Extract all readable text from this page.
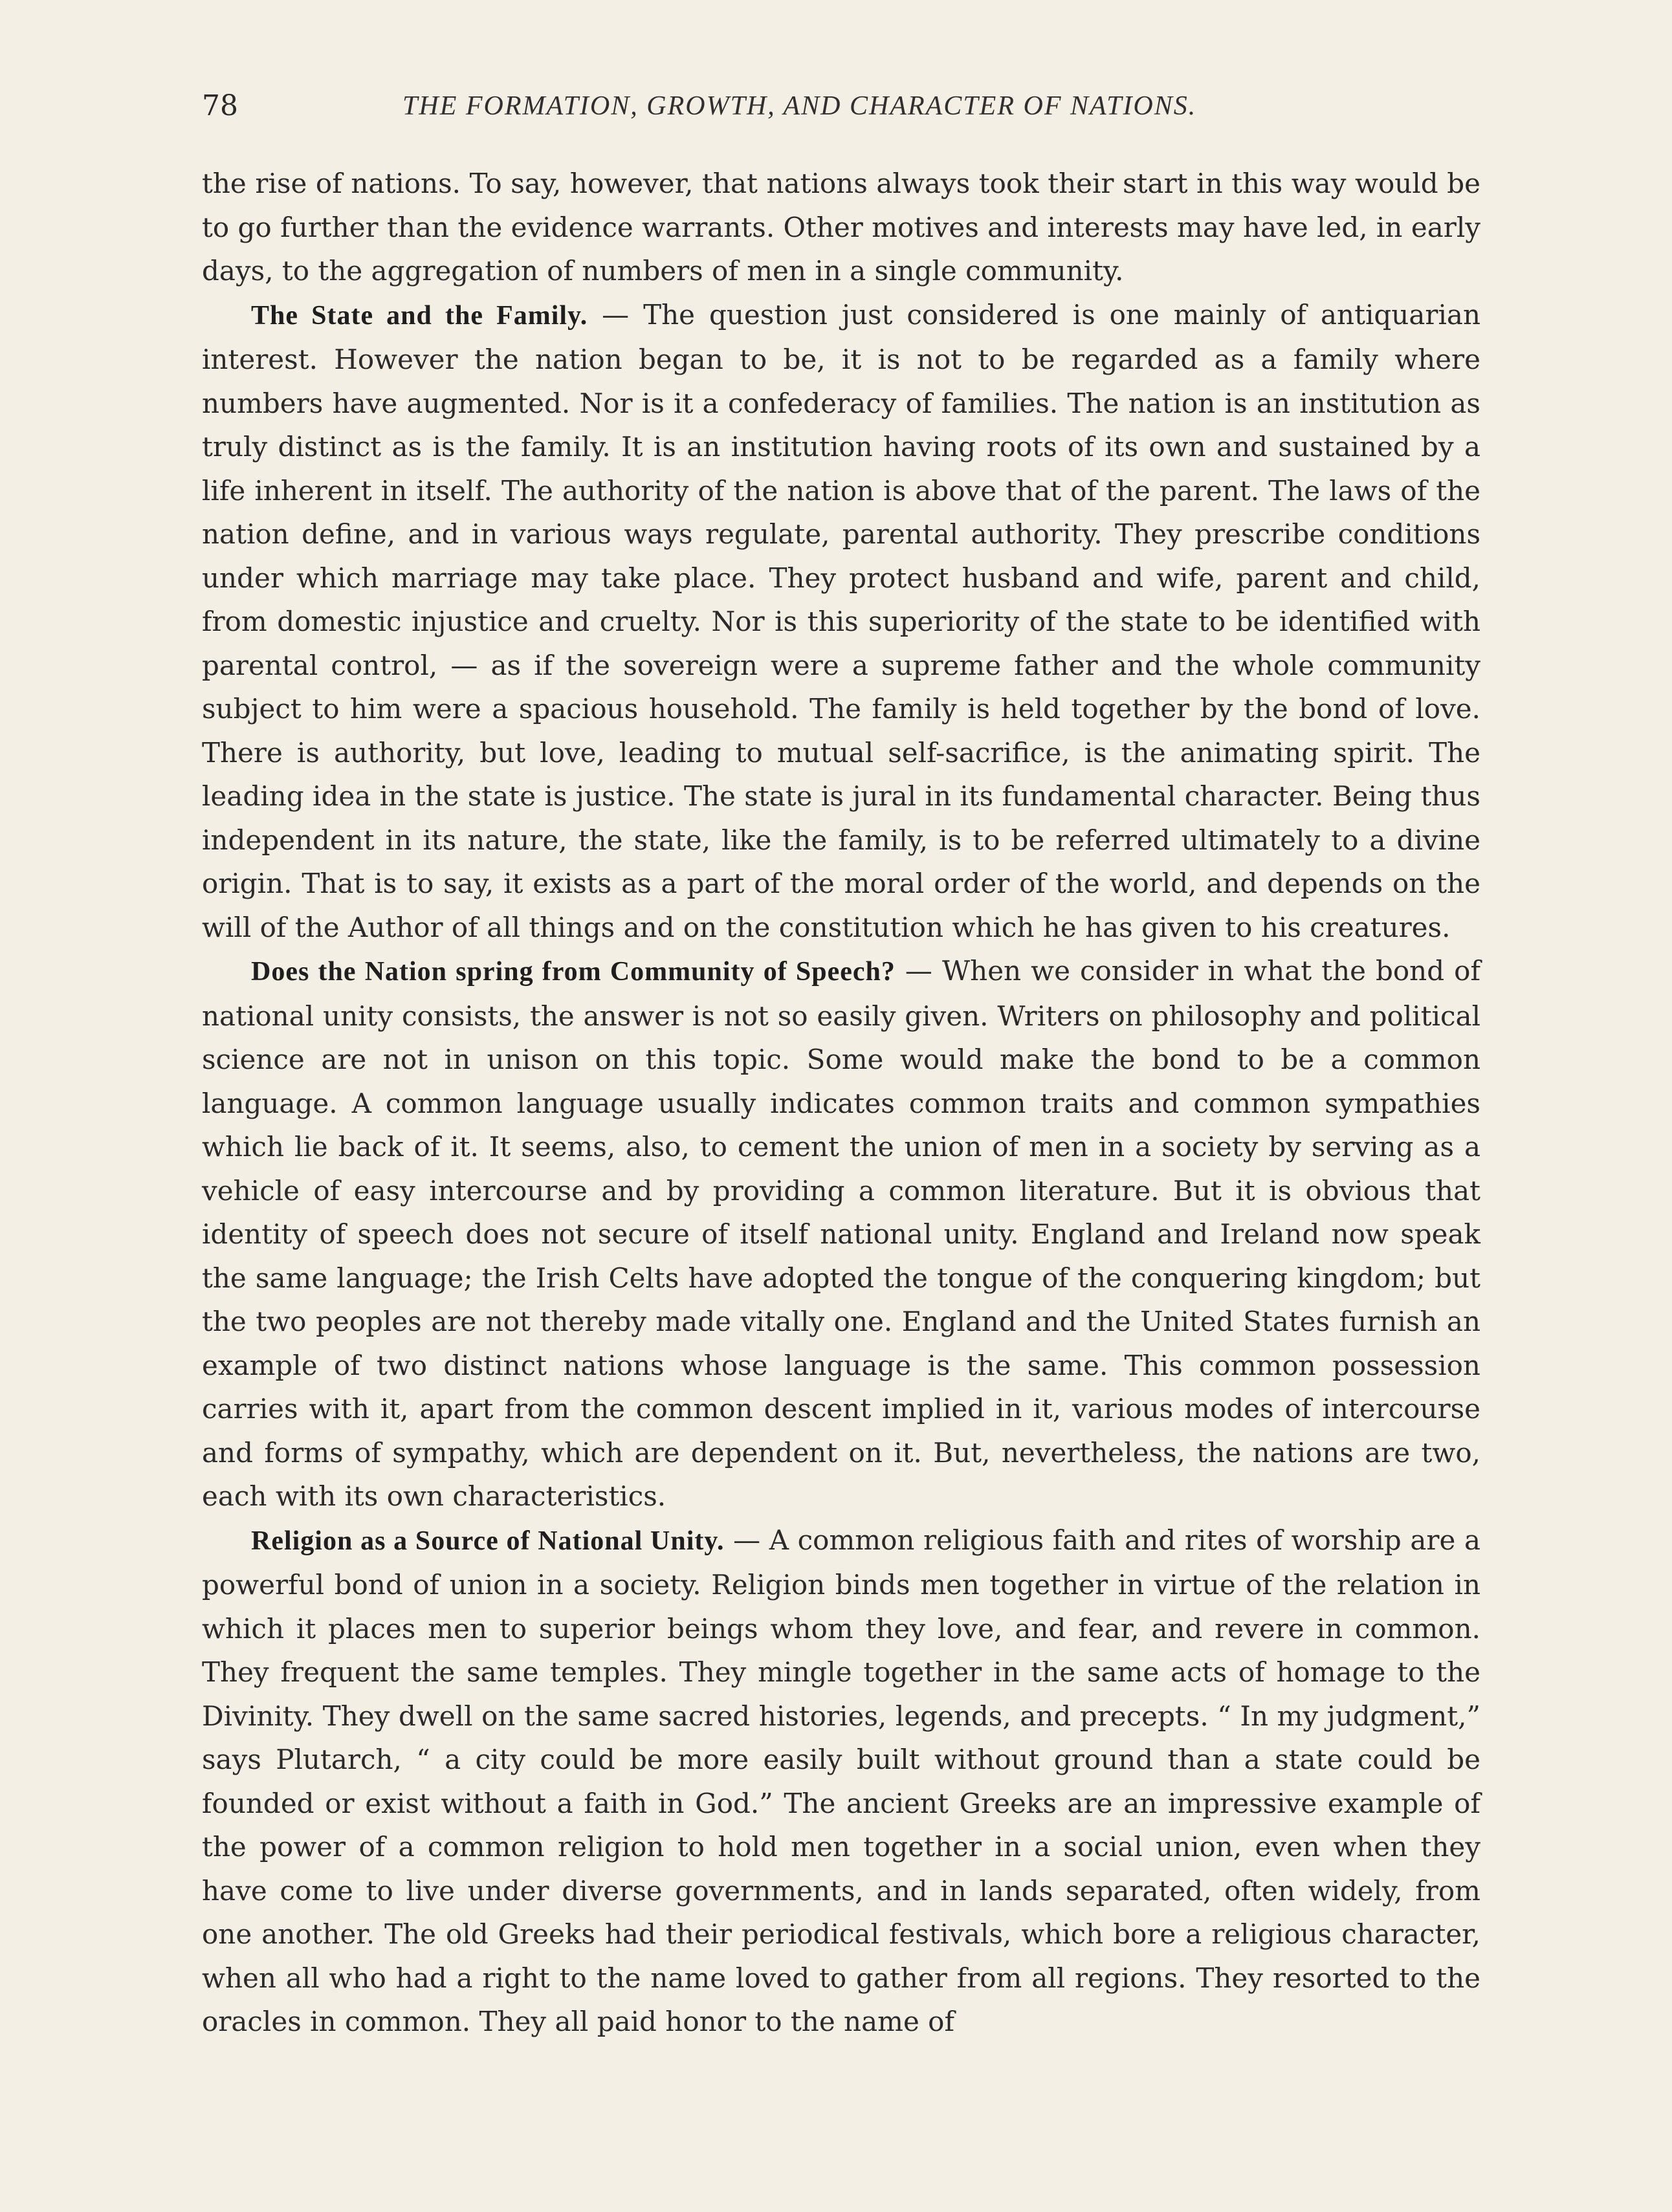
78	THE FORMATION, GROWTH, AND CHARACTER OF NATIONS.

the rise of nations. To say, however, that nations always took their start in this way would be to go further than the evidence warrants. Other motives and interests may have led, in early days, to the aggregation of numbers of men in a single community.

The State and the Family. — The question just considered is one mainly of antiquarian interest. However the nation began to be, it is not to be regarded as a family where numbers have augmented. Nor is it a confederacy of families. The nation is an institution as truly distinct as is the family. It is an institution having roots of its own and sustained by a life inherent in itself. The authority of the nation is above that of the parent. The laws of the nation define, and in various ways regulate, parental authority. They prescribe conditions under which marriage may take place. They protect husband and wife, parent and child, from domestic injustice and cruelty. Nor is this superiority of the state to be identified with parental control, — as if the sovereign were a supreme father and the whole community subject to him were a spacious household. The family is held together by the bond of love. There is authority, but love, leading to mutual self-sacrifice, is the animating spirit. The leading idea in the state is justice. The state is jural in its fundamental character. Being thus independent in its nature, the state, like the family, is to be referred ultimately to a divine origin. That is to say, it exists as a part of the moral order of the world, and depends on the will of the Author of all things and on the constitution which he has given to his creatures.

Does the Nation spring from Community of Speech? — When we consider in what the bond of national unity consists, the answer is not so easily given. Writers on philosophy and political science are not in unison on this topic. Some would make the bond to be a common language. A common language usually indicates common traits and common sympathies which lie back of it. It seems, also, to cement the union of men in a society by serving as a vehicle of easy intercourse and by providing a common literature. But it is obvious that identity of speech does not secure of itself national unity. England and Ireland now speak the same language; the Irish Celts have adopted the tongue of the conquering kingdom; but the two peoples are not thereby made vitally one. England and the United States furnish an example of two distinct nations whose language is the same. This common possession carries with it, apart from the common descent implied in it, various modes of intercourse and forms of sympathy, which are dependent on it. But, nevertheless, the nations are two, each with its own characteristics.

Religion as a Source of National Unity. — A common religious faith and rites of worship are a powerful bond of union in a society. Religion binds men together in virtue of the relation in which it places men to superior beings whom they love, and fear, and revere in common. They frequent the same temples. They mingle together in the same acts of homage to the Divinity. They dwell on the same sacred histories, legends, and precepts. “ In my judgment,” says Plutarch, “ a city could be more easily built without ground than a state could be founded or exist without a faith in God.” The ancient Greeks are an impressive example of the power of a common religion to hold men together in a social union, even when they have come to live under diverse governments, and in lands separated, often widely, from one another. The old Greeks had their periodical festivals, which bore a religious character, when all who had a right to the name loved to gather from all regions. They resorted to the oracles in common. They all paid honor to the name of
